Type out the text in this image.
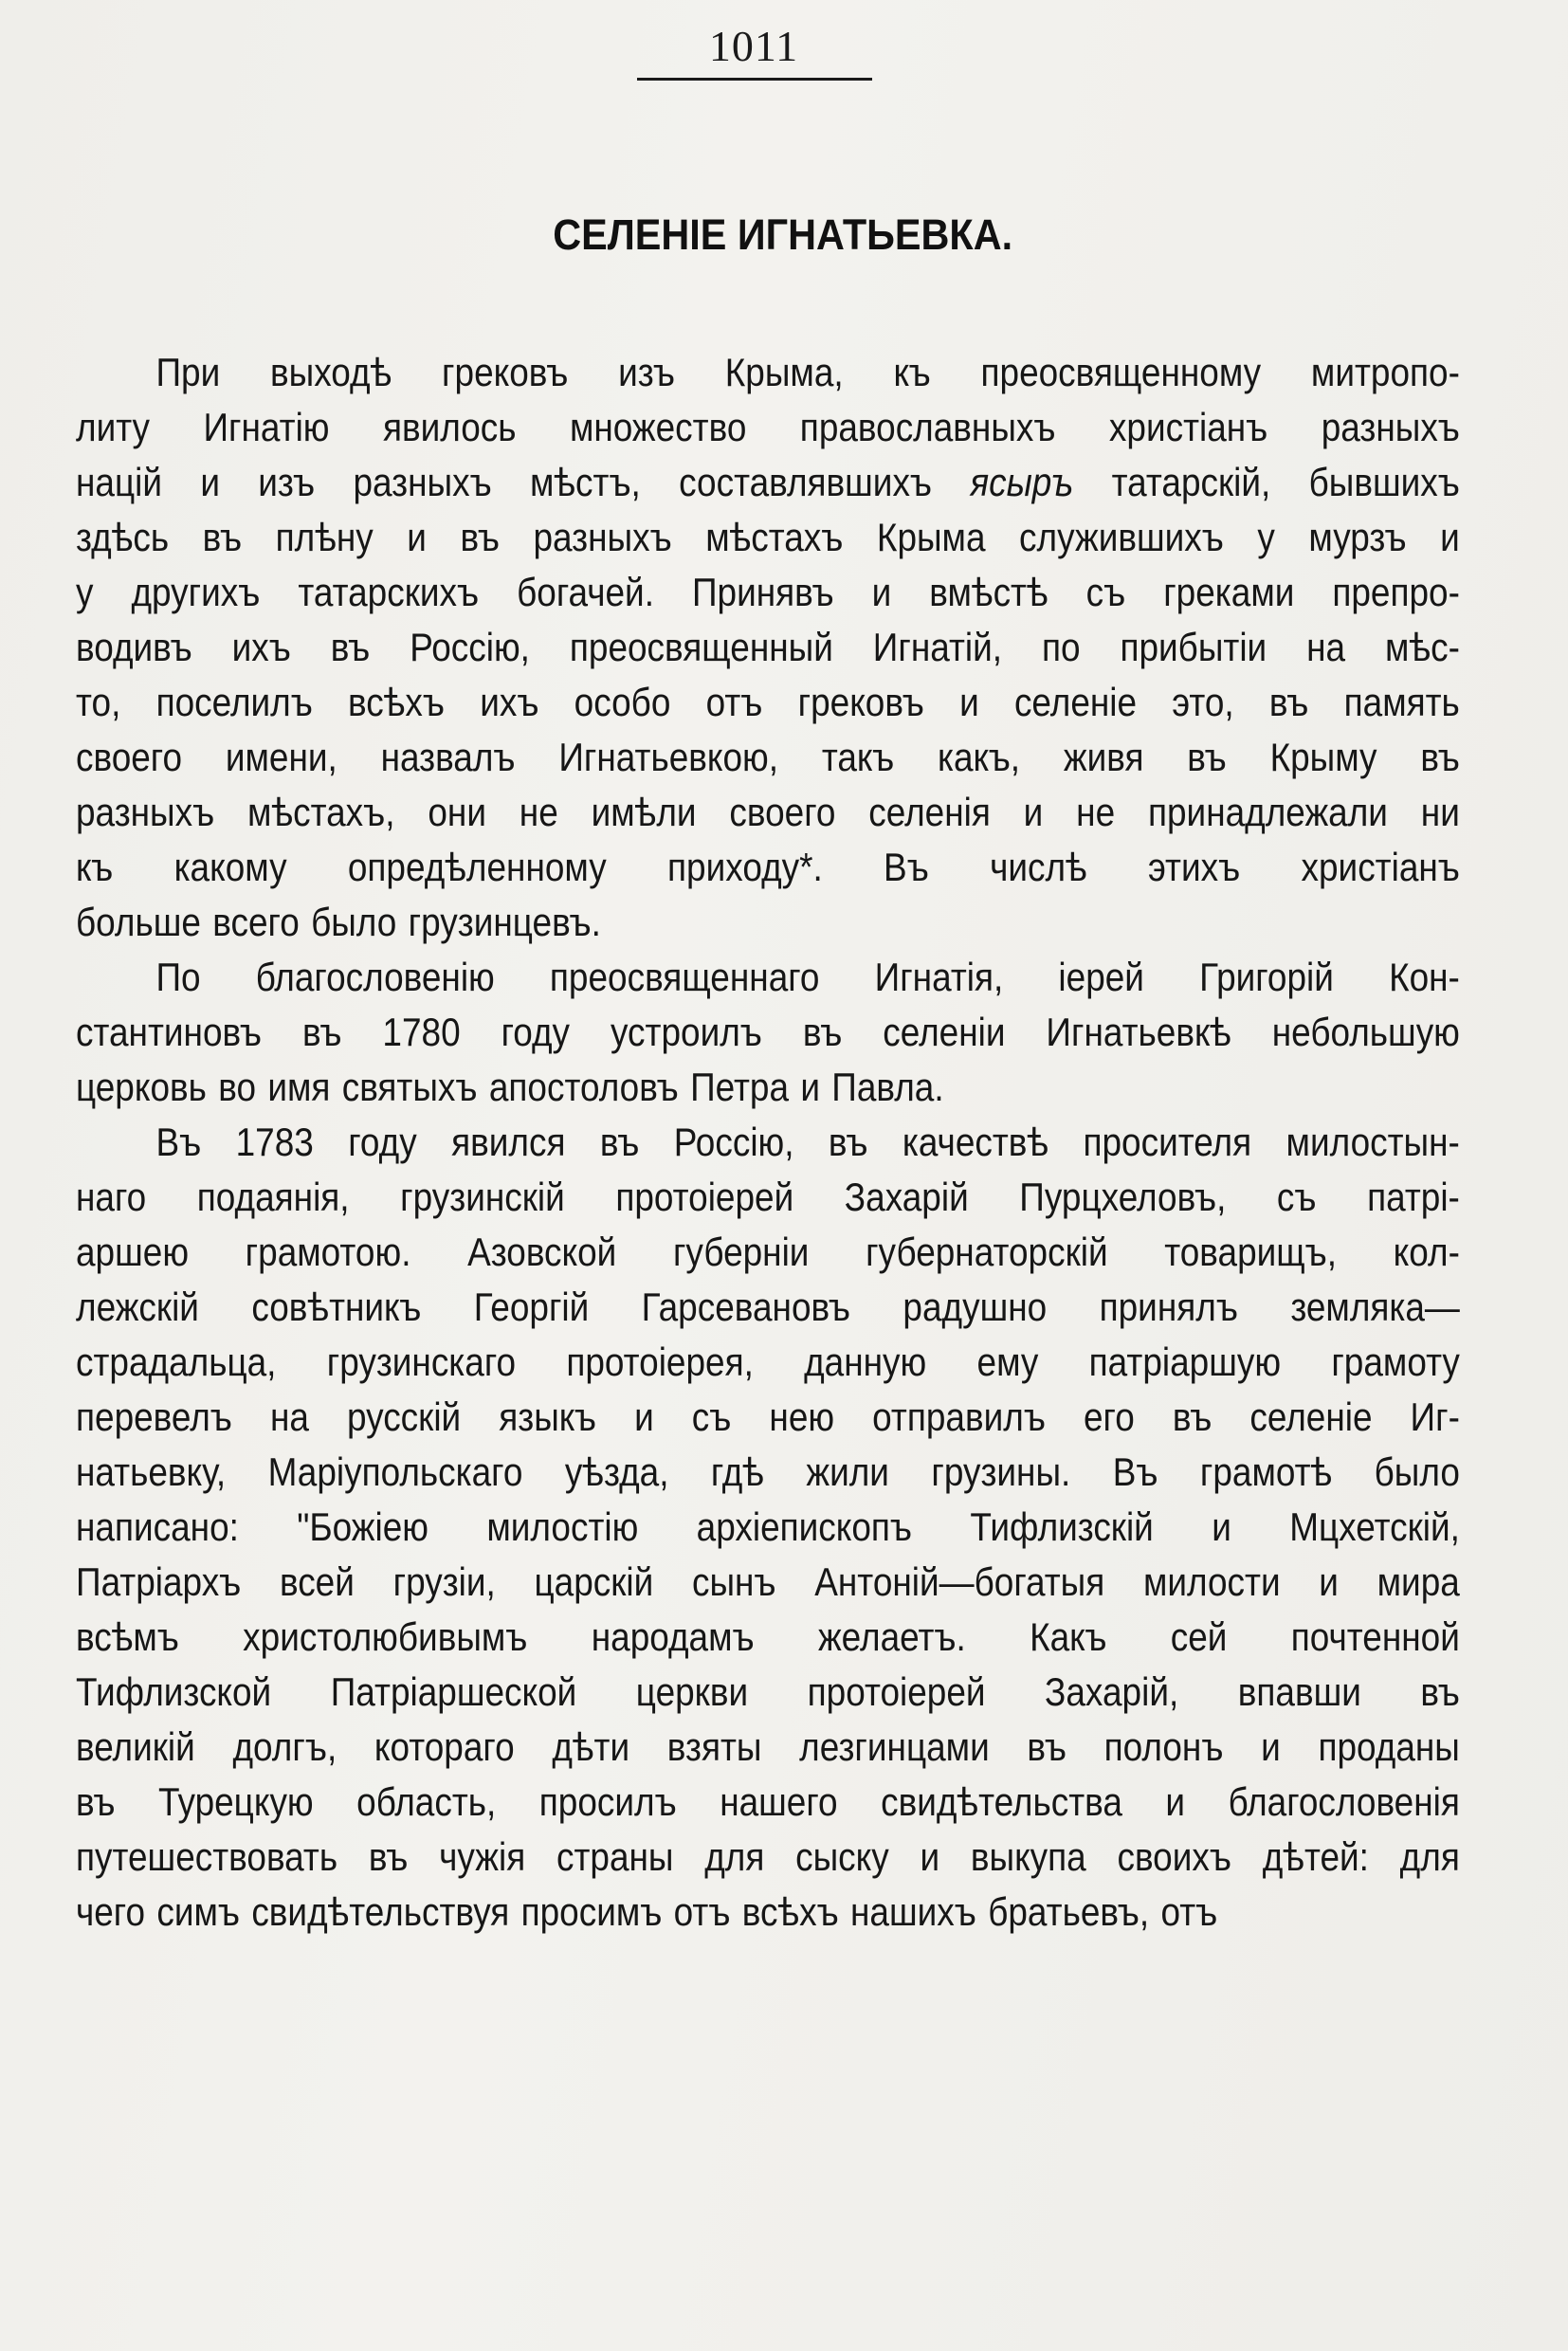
1011
СЕЛЕНІЕ ИГНАТЬЕВКА.
При выходѣ грековъ изъ Крыма, къ преосвященному митропо-
литу Игнатію явилось множество православныхъ христіанъ разныхъ
націй и изъ разныхъ мѣстъ, составлявшихъ ясыръ татарскій, бывшихъ
здѣсь въ плѣну и въ разныхъ мѣстахъ Крыма служившихъ у мурзъ и
у другихъ татарскихъ богачей. Принявъ и вмѣстѣ съ греками препро-
водивъ ихъ въ Россію, преосвященный Игнатій, по прибытіи на мѣс-
то, поселилъ всѣхъ ихъ особо отъ грековъ и селеніе это, въ память
своего имени, назвалъ Игнатьевкою, такъ какъ, живя въ Крыму въ
разныхъ мѣстахъ, они не имѣли своего селенія и не принадлежали ни
къ какому опредѣленному приходу*. Въ числѣ этихъ христіанъ
больше всего было грузинцевъ.
По благословенію преосвященнаго Игнатія, іерей Григорій Кон-
стантиновъ въ 1780 году устроилъ въ селеніи Игнатьевкѣ небольшую
церковь во имя святыхъ апостоловъ Петра и Павла.
Въ 1783 году явился въ Россію, въ качествѣ просителя милостын-
наго подаянія, грузинскій протоіерей Захарій Пурцхеловъ, съ патрі-
аршею грамотою. Азовской губерніи губернаторскій товарищъ, кол-
лежскій совѣтникъ Георгій Гарсевановъ радушно принялъ земляка—
страдальца, грузинскаго протоіерея, данную ему патріаршую грамоту
перевелъ на русскій языкъ и съ нею отправилъ его въ селеніе Иг-
натьевку, Маріупольскаго уѣзда, гдѣ жили грузины. Въ грамотѣ было
написано: "Божіею милостію архіепископъ Тифлизскій и Мцхетскій,
Патріархъ всей грузіи, царскій сынъ Антоній—богатыя милости и мира
всѣмъ христолюбивымъ народамъ желаетъ. Какъ сей почтенной
Тифлизской Патріаршеской церкви протоіерей Захарій, впавши въ
великій долгъ, котораго дѣти взяты лезгинцами въ полонъ и проданы
въ Турецкую область, просилъ нашего свидѣтельства и благословенія
путешествовать въ чужія страны для сыску и выкупа своихъ дѣтей: для
чего симъ свидѣтельствуя просимъ отъ всѣхъ нашихъ братьевъ, отъ
